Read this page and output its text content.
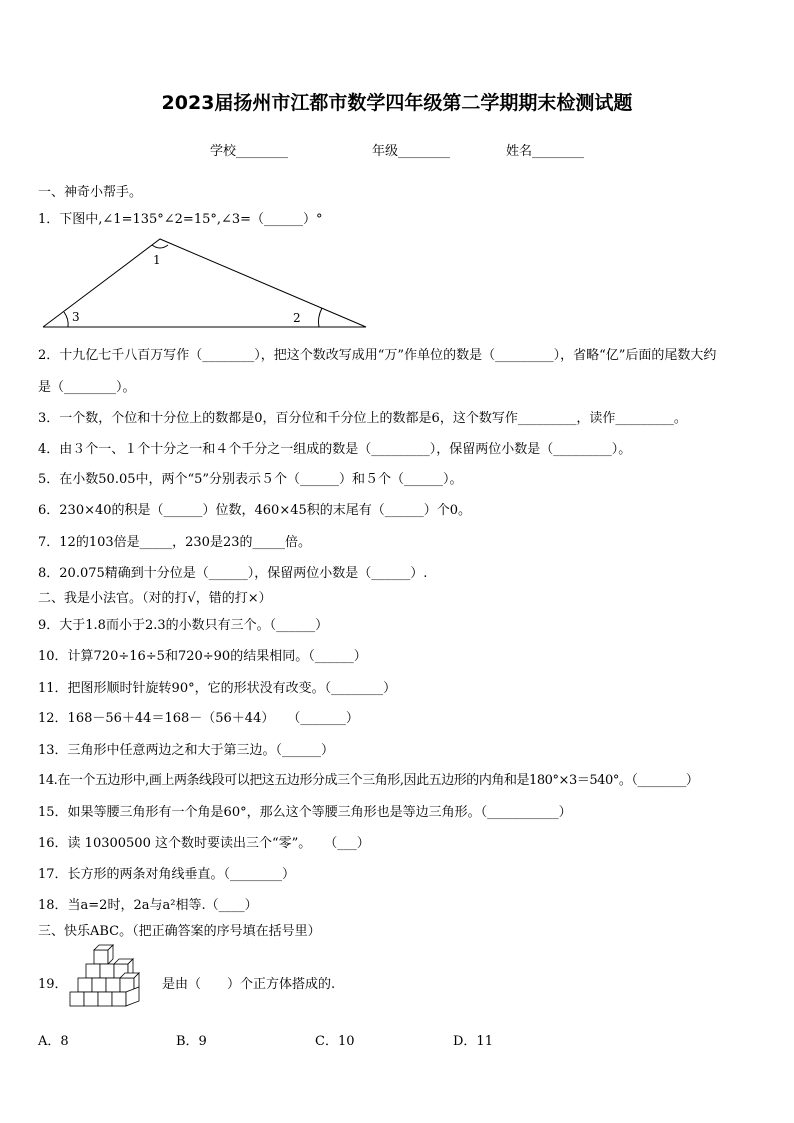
2023届扬州市江都市数学四年级第二学期期末检测试题
学校________	年级________	姓名________
一、神奇小帮手。
1．下图中,∠1=135°∠2=15°,∠3=（______）°
1
3	2
2．十九亿七千八百万写作（________），把这个数改写成用“万”作单位的数是（_________），省略“亿”后面的尾数大约
是（________）。
3．一个数，个位和十分位上的数都是0，百分位和千分位上的数都是6，这个数写作_________，读作_________。
4．由３个一、１个十分之一和４个千分之一组成的数是（_________），保留两位小数是（_________）。
5．在小数50.05中，两个“5”分别表示５个（______）和５个（______）。
6．230×40的积是（______）位数，460×45积的末尾有（______）个0。
7．12的103倍是_____，230是23的_____倍。
8．20.075精确到十分位是（______），保留两位小数是（______）.
二、我是小法官。（对的打√，错的打×）
9．大于1.8而小于2.3的小数只有三个。（______）
10．计算720÷16÷5和720÷90的结果相同。（______）
11．把图形顺时针旋转90°，它的形状没有改变。（________）
12．168－56＋44＝168－（56＋44）　　（_______）
13．三角形中任意两边之和大于第三边。（______）
14.在一个五边形中,画上两条线段可以把这五边形分成三个三角形,因此五边形的内角和是180°×3＝540°。（________）
15．如果等腰三角形有一个角是60°，那么这个等腰三角形也是等边三角形。（___________）
16．读 10300500 这个数时要读出三个“零”。　　（___）
17．长方形的两条对角线垂直。（________）
18．当a=2时，2a与a²相等.（____）
三、快乐ABC。（把正确答案的序号填在括号里）
19．	是由（　　）个正方体搭成的.
A．8	B．9	C．10	D．11
